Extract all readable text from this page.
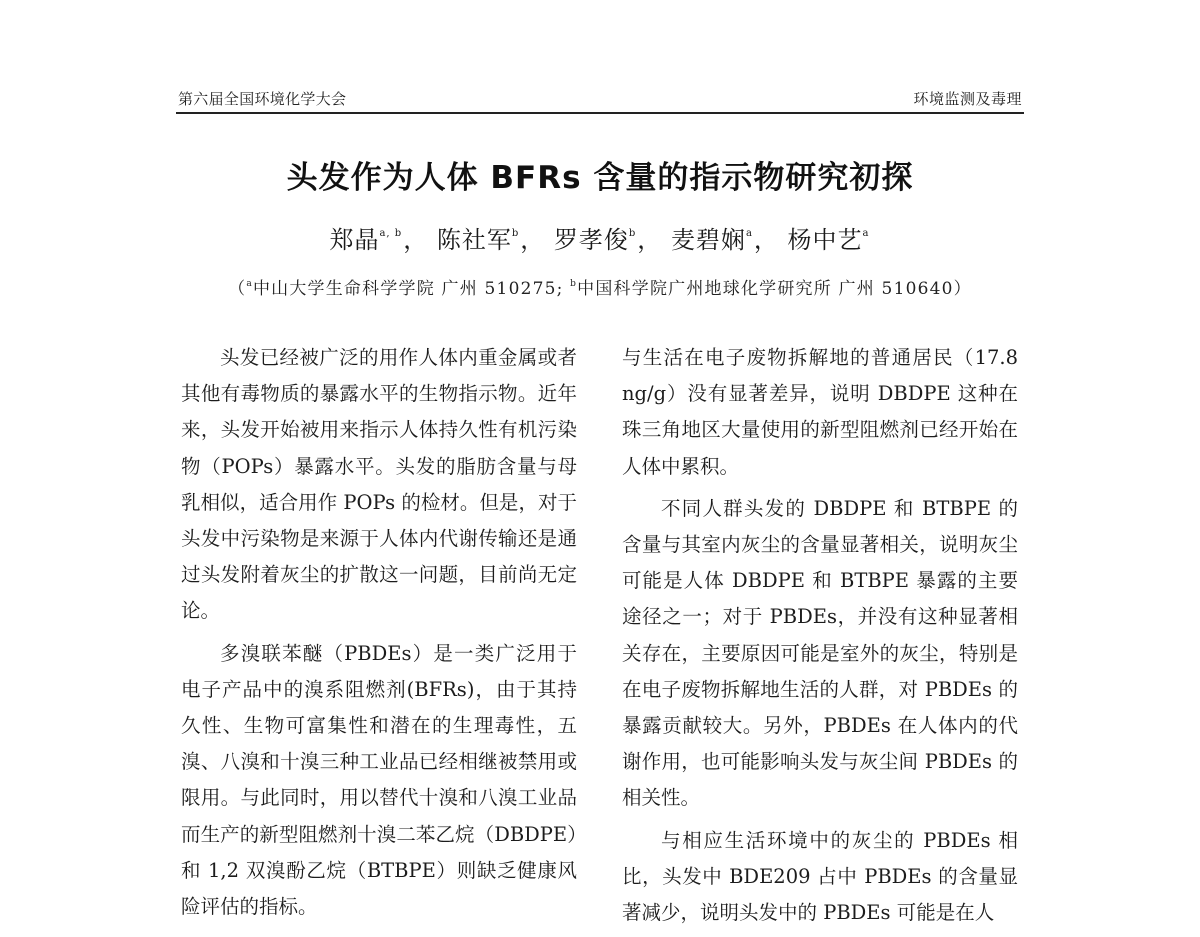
第六届全国环境化学大会	环境监测及毒理
头发作为人体 BFRs 含量的指示物研究初探
郑晶$^{a, b}$， 陈社军$^b$， 罗孝俊$^b$， 麦碧娴$^a$， 杨中艺$^a$
（$^a$中山大学生命科学学院 广州 510275; $^b$中国科学院广州地球化学研究所 广州 510640）

头发已经被广泛的用作人体内重金属或者其他有毒物质的暴露水平的生物指示物。近年来，头发开始被用来指示人体持久性有机污染物（POPs）暴露水平。头发的脂肪含量与母乳相似，适合用作 POPs 的检材。但是，对于头发中污染物是来源于人体内代谢传输还是通过头发附着灰尘的扩散这一问题，目前尚无定论。

多溴联苯醚（PBDEs）是一类广泛用于电子产品中的溴系阻燃剂(BFRs)，由于其持久性、生物可富集性和潜在的生理毒性，五溴、八溴和十溴三种工业品已经相继被禁用或限用。与此同时，用以替代十溴和八溴工业品而生产的新型阻燃剂十溴二苯乙烷（DBDPE）和 1,2 双溴酚乙烷（BTBPE）则缺乏健康风险评估的指标。

与生活在电子废物拆解地的普通居民（17.8 ng/g）没有显著差异，说明 DBDPE 这种在珠三角地区大量使用的新型阻燃剂已经开始在人体中累积。

不同人群头发的 DBDPE 和 BTBPE 的含量与其室内灰尘的含量显著相关，说明灰尘可能是人体 DBDPE 和 BTBPE 暴露的主要途径之一；对于 PBDEs，并没有这种显著相关存在，主要原因可能是室外的灰尘，特别是在电子废物拆解地生活的人群，对 PBDEs 的暴露贡献较大。另外，PBDEs 在人体内的代谢作用，也可能影响头发与灰尘间 PBDEs 的相关性。

与相应生活环境中的灰尘的 PBDEs 相比，头发中 BDE209 占中 PBDEs 的含量显著减少，说明头发中的 PBDEs 可能是在人
